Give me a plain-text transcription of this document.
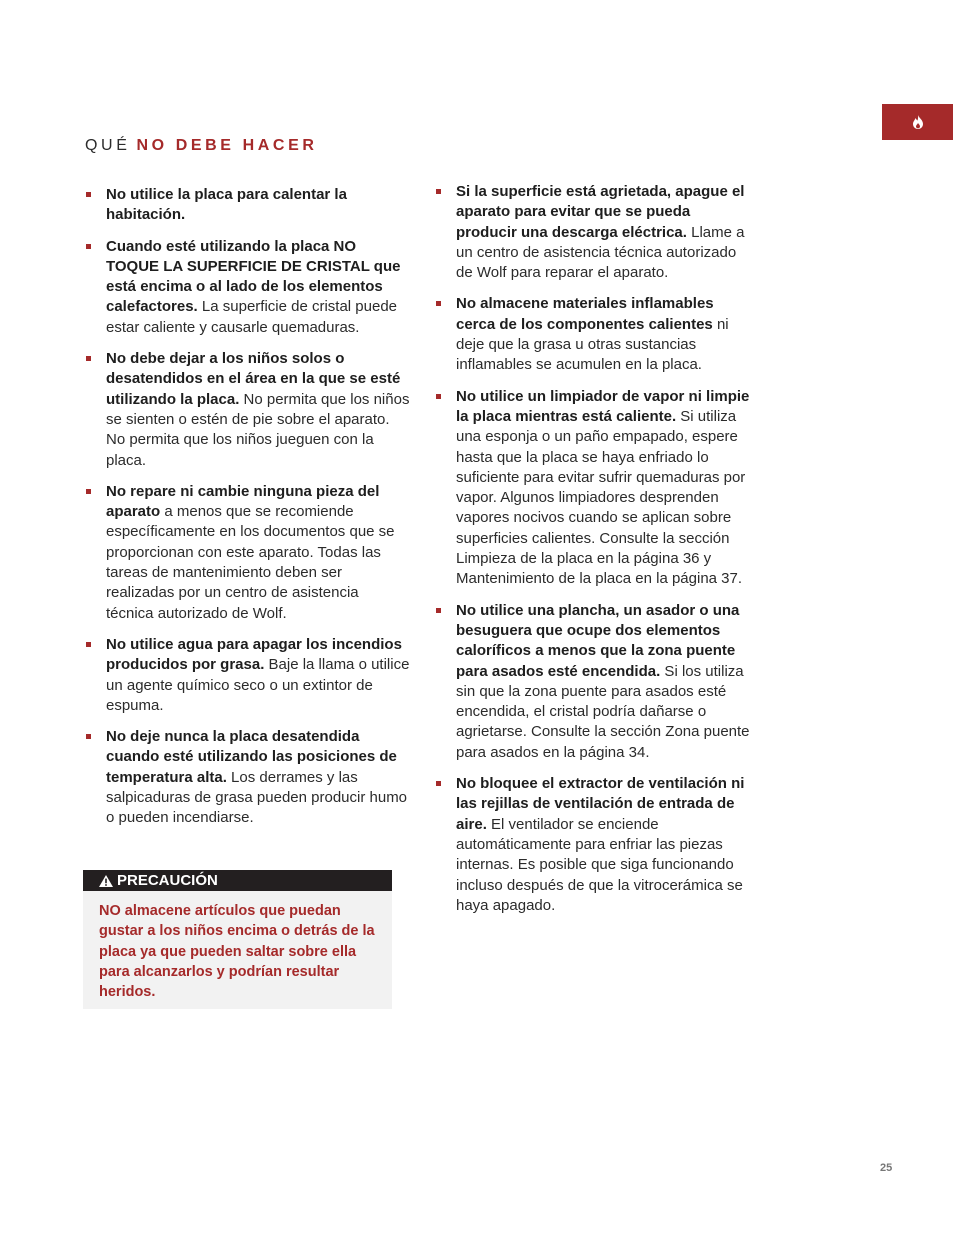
QUÉ NO DEBE HACER
No utilice la placa para calentar la habitación.
Cuando esté utilizando la placa NO TOQUE LA SUPERFICIE DE CRISTAL que está encima o al lado de los elementos calefactores. La superficie de cristal puede estar caliente y causarle quemaduras.
No debe dejar a los niños solos o desatendidos en el área en la que se esté utilizando la placa. No permita que los niños se sienten o estén de pie sobre el aparato. No permita que los niños jueguen con la placa.
No repare ni cambie ninguna pieza del aparato a menos que se recomiende específicamente en los documentos que se proporcionan con este aparato. Todas las tareas de mantenimiento deben ser realizadas por un centro de asistencia técnica autorizado de Wolf.
No utilice agua para apagar los incendios producidos por grasa. Baje la llama o utilice un agente químico seco o un extintor de espuma.
No deje nunca la placa desatendida cuando esté utilizando las posiciones de temperatura alta. Los derrames y las salpicaduras de grasa pueden producir humo o pueden incendiarse.
PRECAUCIÓN
NO almacene artículos que puedan gustar a los niños encima o detrás de la placa ya que pueden saltar sobre ella para alcanzarlos y podrían resultar heridos.
Si la superficie está agrietada, apague el aparato para evitar que se pueda producir una descarga eléctrica. Llame a un centro de asistencia técnica autorizado de Wolf para reparar el aparato.
No almacene materiales inflamables cerca de los componentes calientes ni deje que la grasa u otras sustancias inflamables se acumulen en la placa.
No utilice un limpiador de vapor ni limpie la placa mientras está caliente. Si utiliza una esponja o un paño empapado, espere hasta que la placa se haya enfriado lo suficiente para evitar sufrir quemaduras por vapor. Algunos limpiadores desprenden vapores nocivos cuando se aplican sobre superficies calientes. Consulte la sección Limpieza de la placa en la página 36 y Mantenimiento de la placa en la página 37.
No utilice una plancha, un asador o una besuguera que ocupe dos elementos caloríficos a menos que la zona puente para asados esté encendida. Si los utiliza sin que la zona puente para asados esté encendida, el cristal podría dañarse o agrietarse. Consulte la sección Zona puente para asados en la página 34.
No bloquee el extractor de ventilación ni las rejillas de ventilación de entrada de aire. El ventilador se enciende automáticamente para enfriar las piezas internas. Es posible que siga funcionando incluso después de que la vitrocerámica se haya apagado.
25
